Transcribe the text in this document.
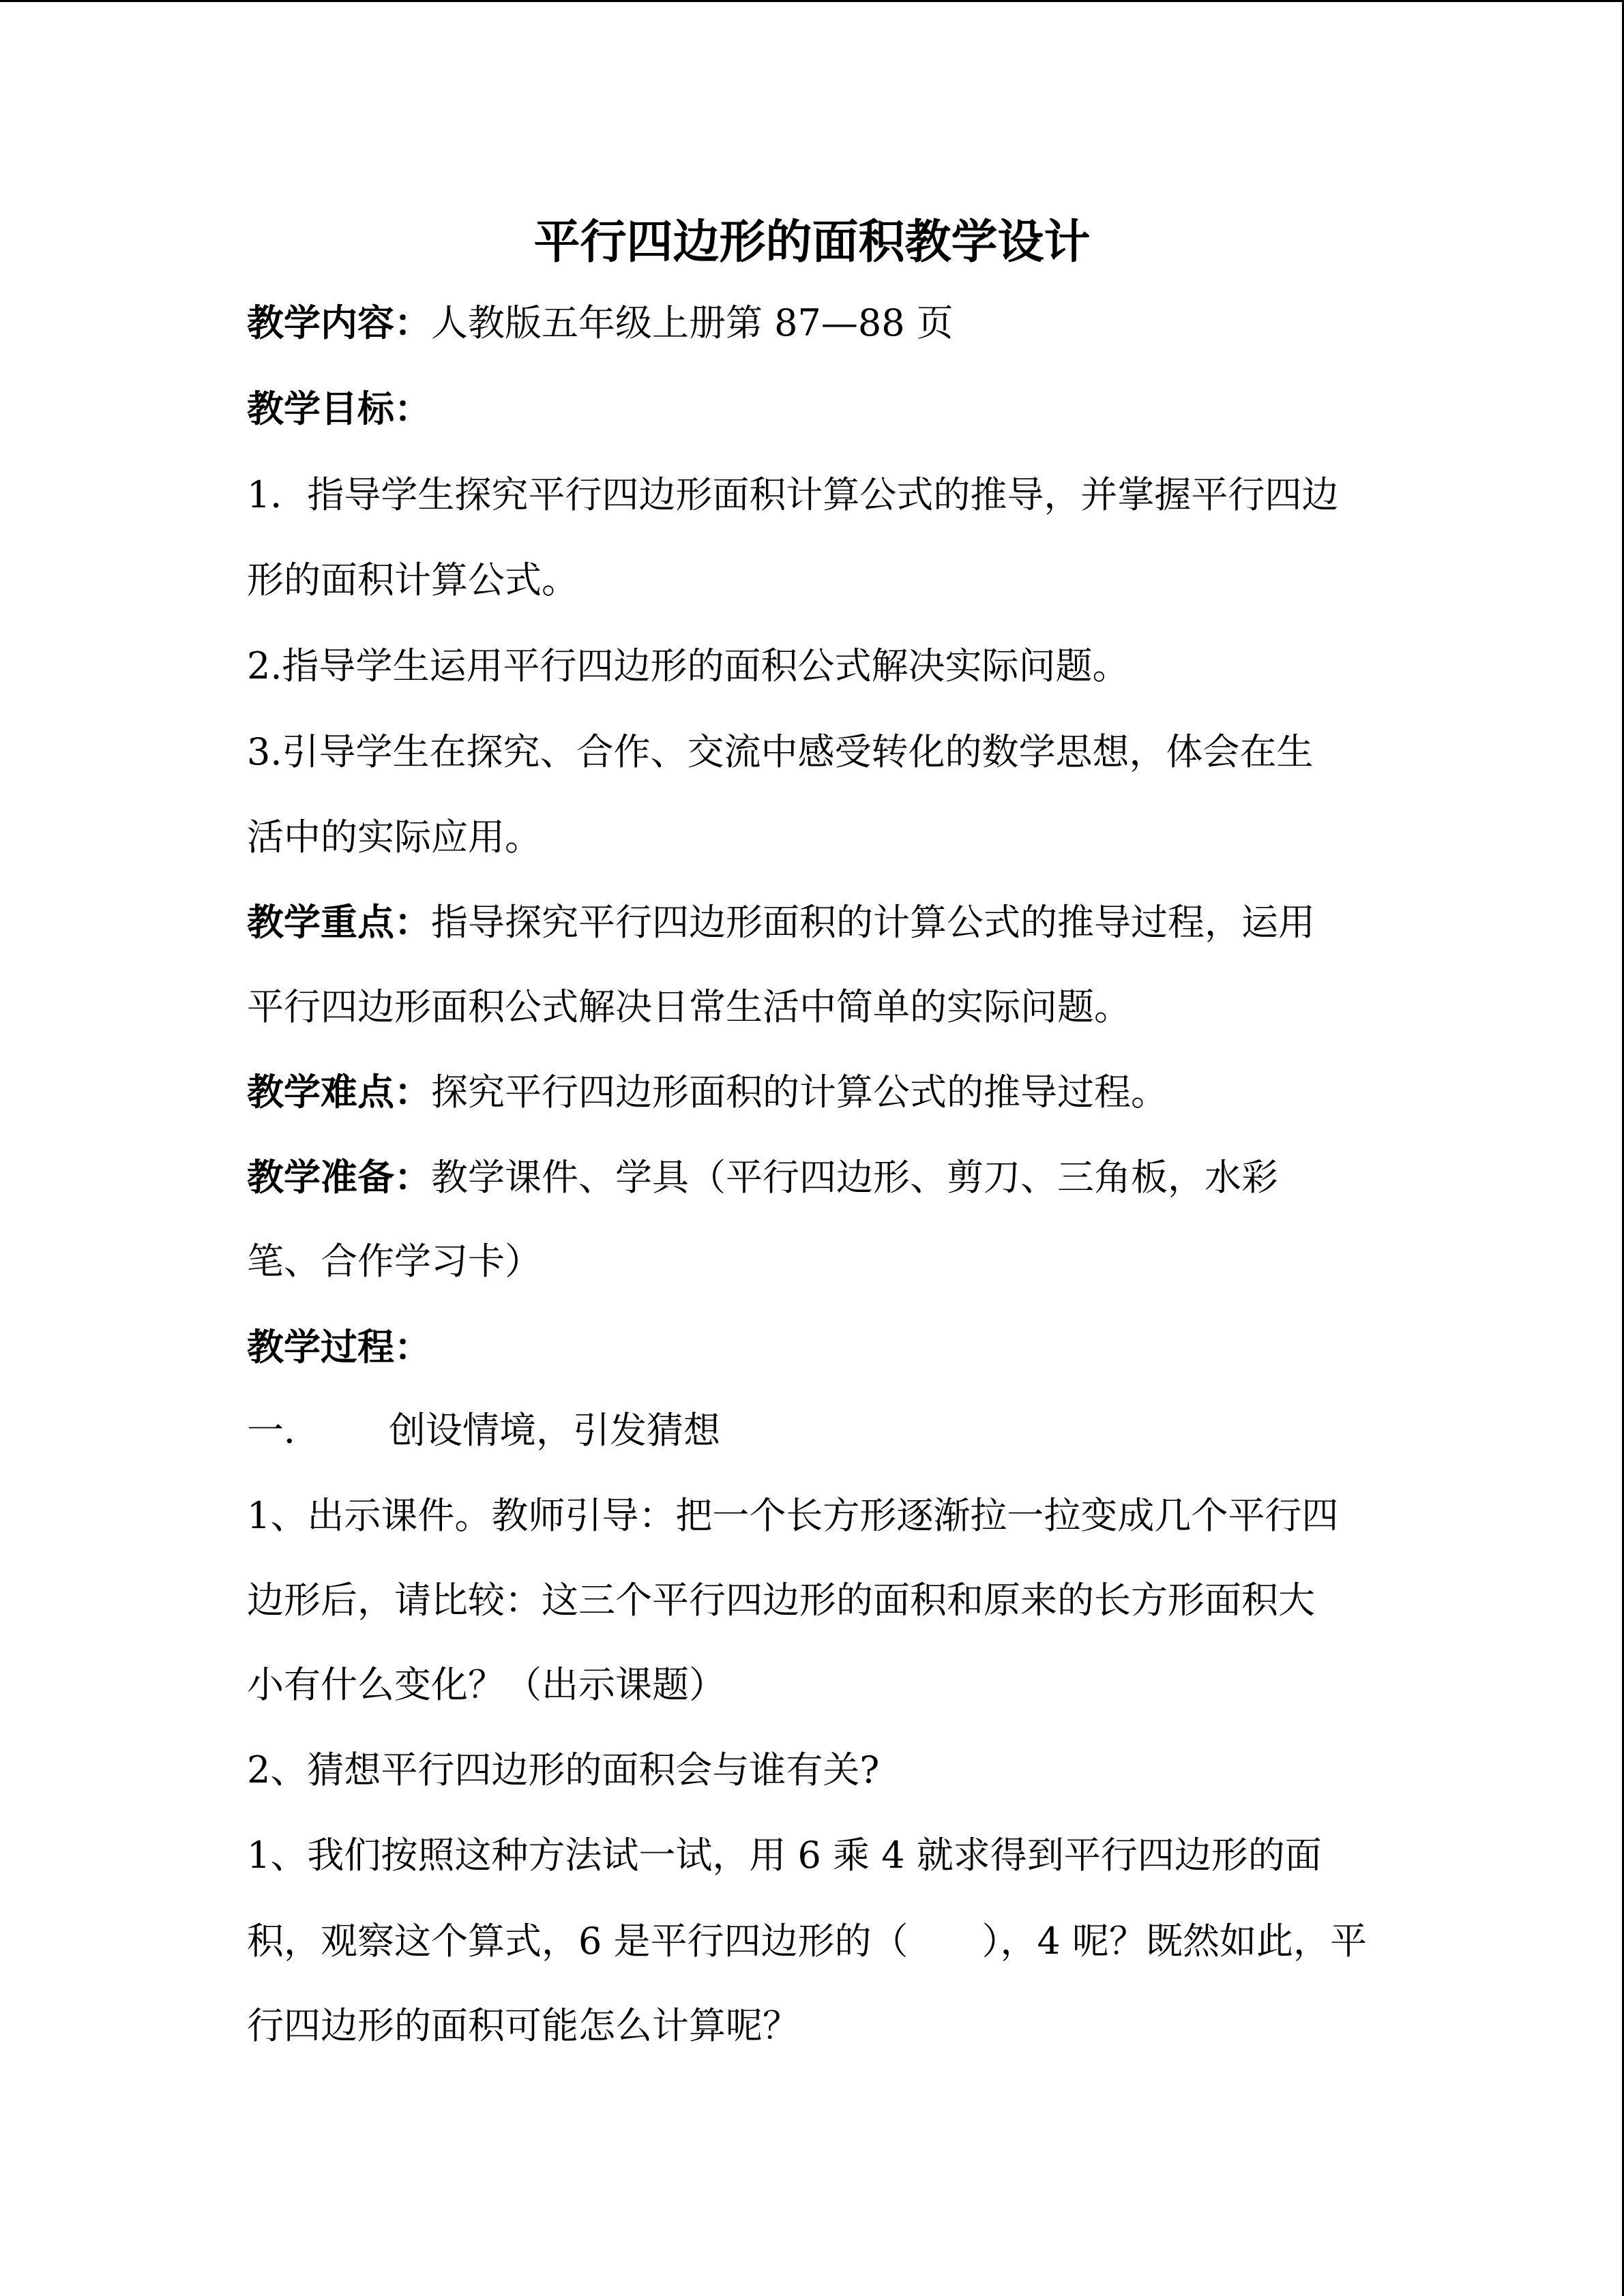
平行四边形的面积教学设计
教学内容：人教版五年级上册第 87—88 页
教学目标：
1．指导学生探究平行四边形面积计算公式的推导，并掌握平行四边
形的面积计算公式。
2.指导学生运用平行四边形的面积公式解决实际问题。
3.引导学生在探究、合作、交流中感受转化的数学思想，体会在生
活中的实际应用。
教学重点：指导探究平行四边形面积的计算公式的推导过程，运用
平行四边形面积公式解决日常生活中简单的实际问题。
教学难点：探究平行四边形面积的计算公式的推导过程。
教学准备：教学课件、学具（平行四边形、剪刀、三角板，水彩
笔、合作学习卡）
教学过程：
一． 创设情境，引发猜想
1、出示课件。教师引导：把一个长方形逐渐拉一拉变成几个平行四
边形后，请比较：这三个平行四边形的面积和原来的长方形面积大
小有什么变化？（出示课题）
2、猜想平行四边形的面积会与谁有关?
1、我们按照这种方法试一试，用 6 乘 4 就求得到平行四边形的面
积，观察这个算式，6 是平行四边形的（　　），4 呢？既然如此，平
行四边形的面积可能怎么计算呢？
